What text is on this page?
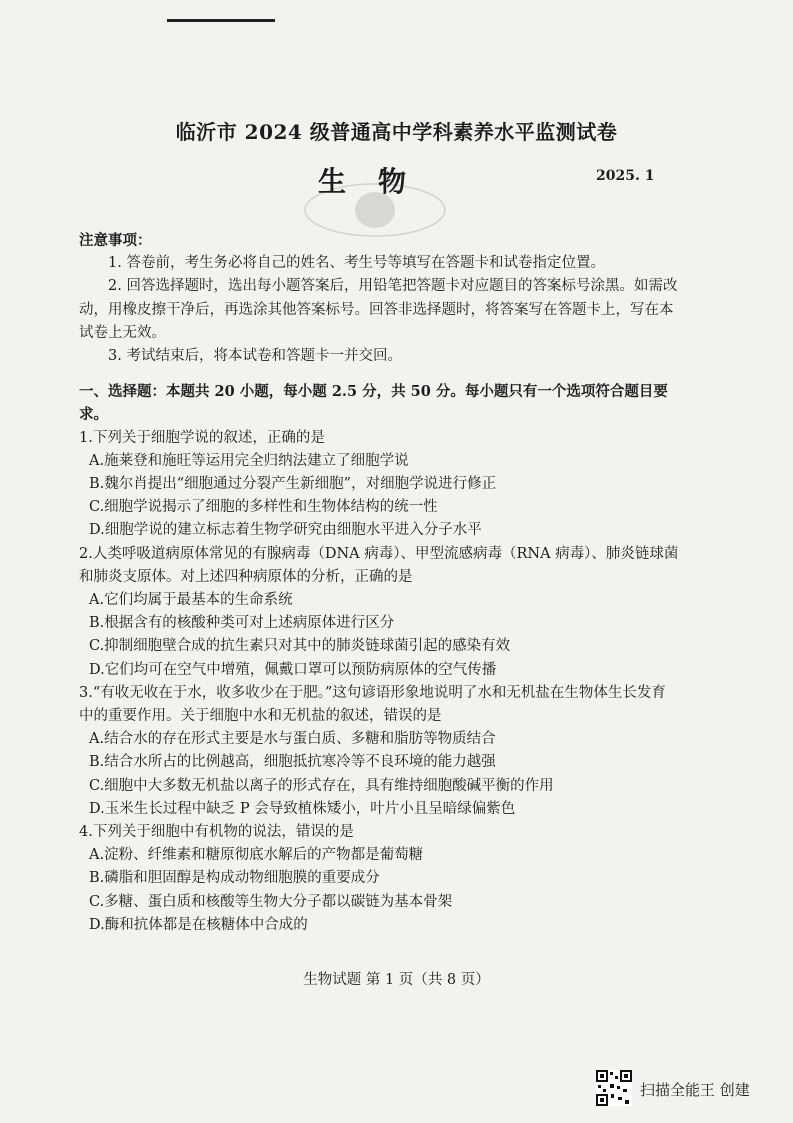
临沂市 2024 级普通高中学科素养水平监测试卷
生物	2025. 1
注意事项：
1. 答卷前，考生务必将自己的姓名、考生号等填写在答题卡和试卷指定位置。
2. 回答选择题时，选出每小题答案后，用铅笔把答题卡对应题目的答案标号涂黑。如需改动，用橡皮擦干净后，再选涂其他答案标号。回答非选择题时，将答案写在答题卡上，写在本试卷上无效。
3. 考试结束后，将本试卷和答题卡一并交回。
一、选择题：本题共 20 小题，每小题 2.5 分，共 50 分。每小题只有一个选项符合题目要求。
1.下列关于细胞学说的叙述，正确的是
A.施莱登和施旺等运用完全归纳法建立了细胞学说
B.魏尔肖提出“细胞通过分裂产生新细胞”，对细胞学说进行修正
C.细胞学说揭示了细胞的多样性和生物体结构的统一性
D.细胞学说的建立标志着生物学研究由细胞水平进入分子水平
2.人类呼吸道病原体常见的有腺病毒（DNA 病毒）、甲型流感病毒（RNA 病毒）、肺炎链球菌和肺炎支原体。对上述四种病原体的分析，正确的是
A.它们均属于最基本的生命系统
B.根据含有的核酸种类可对上述病原体进行区分
C.抑制细胞壁合成的抗生素只对其中的肺炎链球菌引起的感染有效
D.它们均可在空气中增殖，佩戴口罩可以预防病原体的空气传播
3.“有收无收在于水，收多收少在于肥。”这句谚语形象地说明了水和无机盐在生物体生长发育中的重要作用。关于细胞中水和无机盐的叙述，错误的是
A.结合水的存在形式主要是水与蛋白质、多糖和脂肪等物质结合
B.结合水所占的比例越高，细胞抵抗寒冷等不良环境的能力越强
C.细胞中大多数无机盐以离子的形式存在，具有维持细胞酸碱平衡的作用
D.玉米生长过程中缺乏 P 会导致植株矮小，叶片小且呈暗绿偏紫色
4.下列关于细胞中有机物的说法，错误的是
A.淀粉、纤维素和糖原彻底水解后的产物都是葡萄糖
B.磷脂和胆固醇是构成动物细胞膜的重要成分
C.多糖、蛋白质和核酸等生物大分子都以碳链为基本骨架
D.酶和抗体都是在核糖体中合成的
生物试题 第 1 页（共 8 页）
扫描全能王 创建
